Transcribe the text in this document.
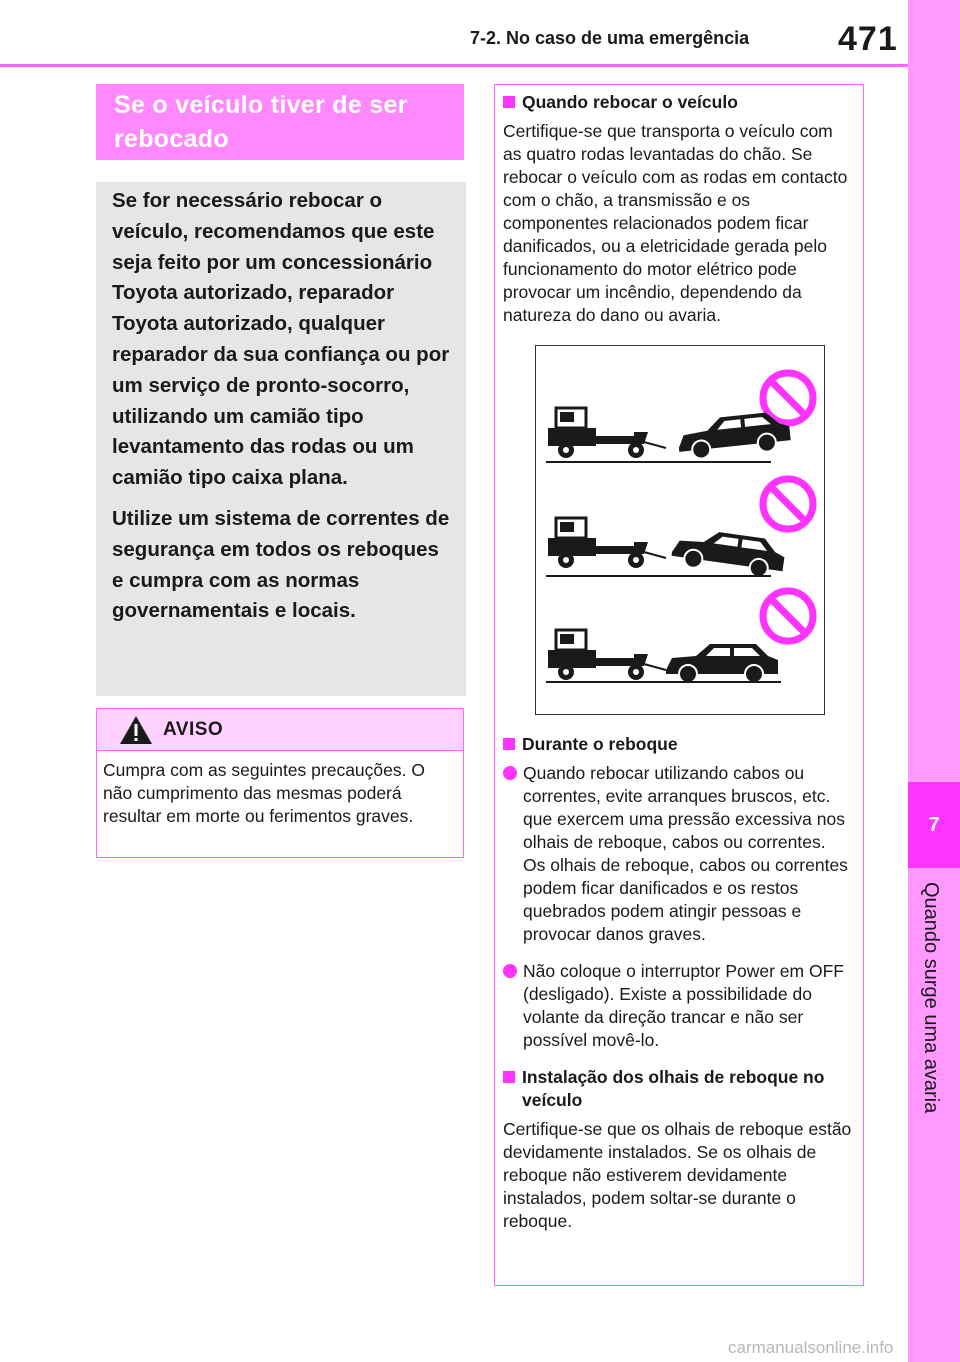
7-2. No caso de uma emergência	471
7
Quando surge uma avaria
Se o veículo tiver de ser rebocado

Se for necessário rebocar o veículo, recomendamos que este seja feito por um concessionário Toyota autorizado, reparador Toyota autorizado, qualquer reparador da sua confiança ou por um serviço de pronto-socorro, utilizando um camião tipo levantamento das rodas ou um camião tipo caixa plana.

Utilize um sistema de correntes de segurança em todos os reboques e cumpra com as normas governamentais e locais.

AVISO
Cumpra com as seguintes precauções. O não cumprimento das mesmas poderá resultar em morte ou ferimentos graves.
Quando rebocar o veículo
Certifique-se que transporta o veículo com as quatro rodas levantadas do chão. Se rebocar o veículo com as rodas em contacto com o chão, a transmissão e os componentes relacionados podem ficar danificados, ou a eletricidade gerada pelo funcionamento do motor elétrico pode provocar um incêndio, dependendo da natureza do dano ou avaria.
Durante o reboque
Quando rebocar utilizando cabos ou correntes, evite arranques bruscos, etc. que exercem uma pressão excessiva nos olhais de reboque, cabos ou correntes.
Os olhais de reboque, cabos ou correntes podem ficar danificados e os restos quebrados podem atingir pessoas e provocar danos graves.
Não coloque o interruptor Power em OFF (desligado). Existe a possibilidade do volante da direção trancar e não ser possível movê-lo.
Instalação dos olhais de reboque no veículo
Certifique-se que os olhais de reboque estão devidamente instalados. Se os olhais de reboque não estiverem devidamente instalados, podem soltar-se durante o reboque.
carmanualsonline.info
